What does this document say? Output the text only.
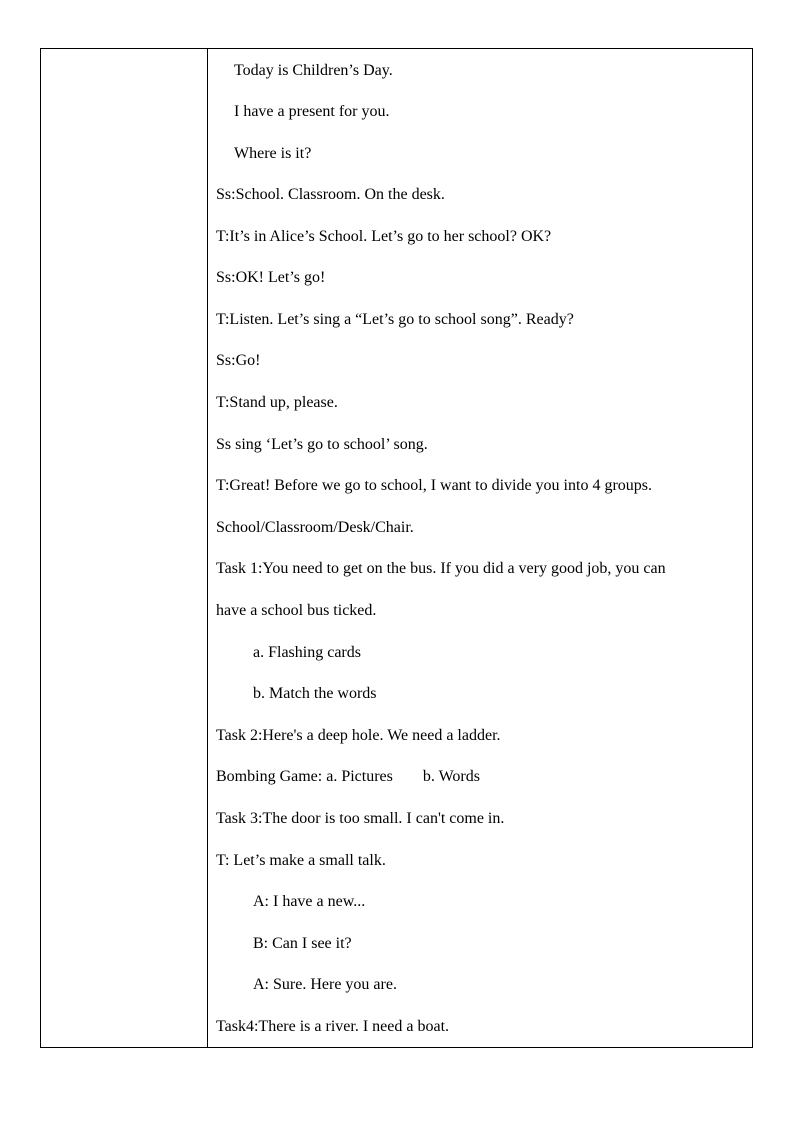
Today is Children’s Day.
I have a present for you.
Where is it?
Ss:School. Classroom. On the desk.
T:It’s in Alice’s School. Let’s go to her school? OK?
Ss:OK! Let’s go!
T:Listen. Let’s sing a “Let’s go to school song”. Ready?
Ss:Go!
T:Stand up, please.
Ss sing ‘Let’s go to school’ song.
T:Great! Before we go to school, I want to divide you into 4 groups.
School/Classroom/Desk/Chair.
Task 1:You need to get on the bus. If you did a very good job, you can
have a school bus ticked.
a. Flashing cards
b. Match the words
Task 2:Here's a deep hole. We need a ladder.
Bombing Game: a. Pictures b. Words
Task 3:The door is too small. I can't come in.
T: Let’s make a small talk.
A: I have a new...
B: Can I see it?
A: Sure. Here you are.
Task4:There is a river. I need a boat.
